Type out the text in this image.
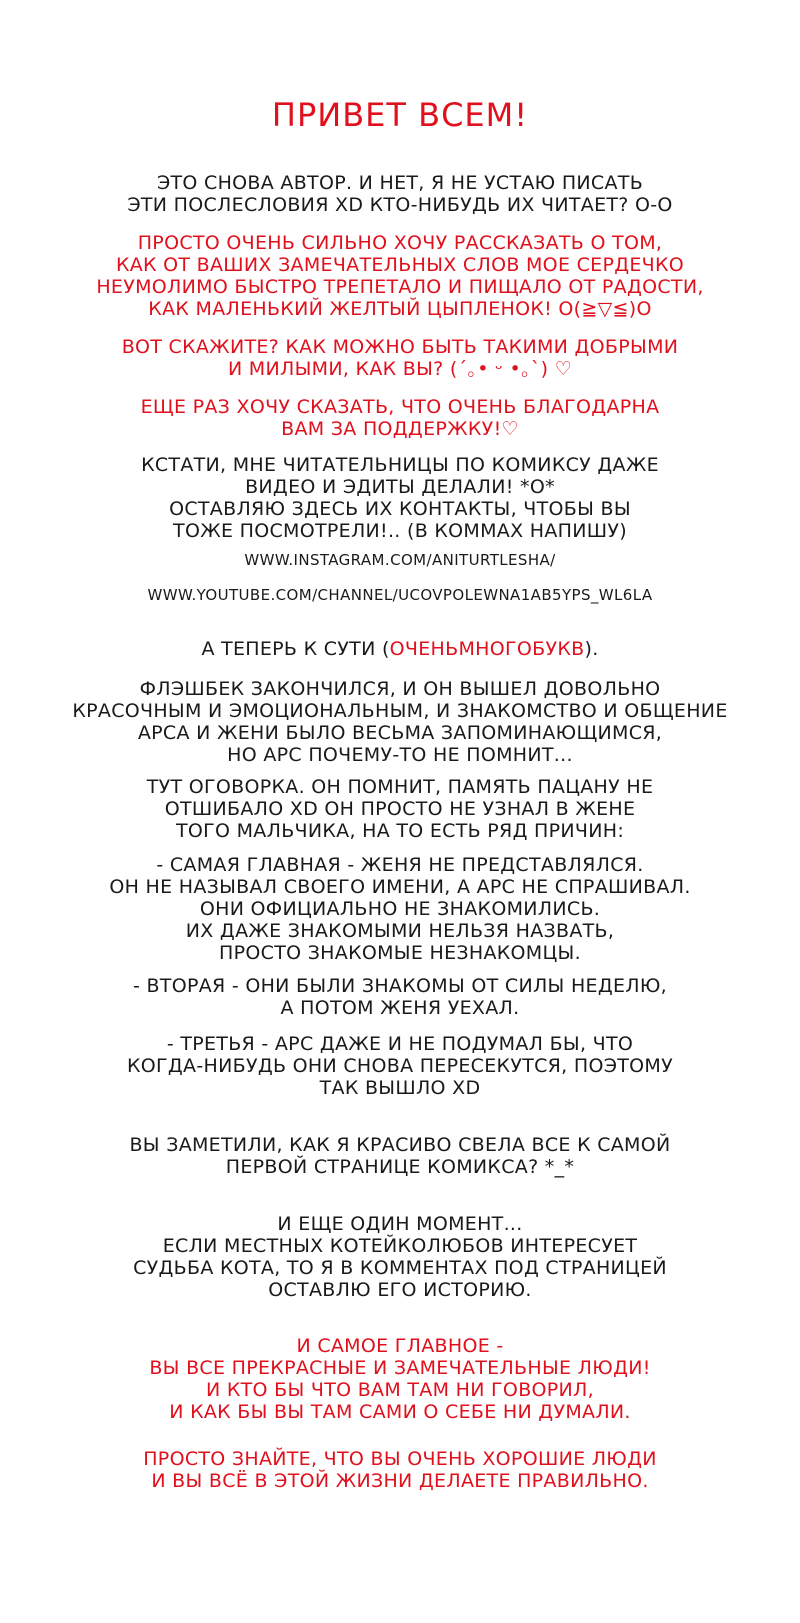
ПРИВЕТ ВСЕМ!
ЭТО СНОВА АВТОР. И НЕТ, Я НЕ УСТАЮ ПИСАТЬ
ЭТИ ПОСЛЕСЛОВИЯ XD КТО-НИБУДЬ ИХ ЧИТАЕТ? О-О
ПРОСТО ОЧЕНЬ СИЛЬНО ХОЧУ РАССКАЗАТЬ О ТОМ,
КАК ОТ ВАШИХ ЗАМЕЧАТЕЛЬНЫХ СЛОВ МОЕ СЕРДЕЧКО
НЕУМОЛИМО БЫСТРО ТРЕПЕТАЛО И ПИЩАЛО ОТ РАДОСТИ,
КАК МАЛЕНЬКИЙ ЖЕЛТЫЙ ЦЫПЛЕНОК! O(≧▽≦)O
ВОТ СКАЖИТЕ? КАК МОЖНО БЫТЬ ТАКИМИ ДОБРЫМИ
И МИЛЫМИ, КАК ВЫ? (´｡• ᵕ •｡`) ♡
ЕЩЕ РАЗ ХОЧУ СКАЗАТЬ, ЧТО ОЧЕНЬ БЛАГОДАРНА
ВАМ ЗА ПОДДЕРЖКУ!♡
КСТАТИ, МНЕ ЧИТАТЕЛЬНИЦЫ ПО КОМИКСУ ДАЖЕ
ВИДЕО И ЭДИТЫ ДЕЛАЛИ! *О*
ОСТАВЛЯЮ ЗДЕСЬ ИХ КОНТАКТЫ, ЧТОБЫ ВЫ
ТОЖЕ ПОСМОТРЕЛИ!.. (В КОММАХ НАПИШУ)
WWW.INSTAGRAM.COM/ANITURTLESHA/
WWW.YOUTUBE.COM/CHANNEL/UCOVPOLEWNA1AB5YPS_WL6LA
А ТЕПЕРЬ К СУТИ (ОЧЕНЬМНОГОБУКВ).
ФЛЭШБЕК ЗАКОНЧИЛСЯ, И ОН ВЫШЕЛ ДОВОЛЬНО
КРАСОЧНЫМ И ЭМОЦИОНАЛЬНЫМ, И ЗНАКОМСТВО И ОБЩЕНИЕ
АРСА И ЖЕНИ БЫЛО ВЕСЬМА ЗАПОМИНАЮЩИМСЯ,
НО АРС ПОЧЕМУ-ТО НЕ ПОМНИТ...
ТУТ ОГОВОРКА. ОН ПОМНИТ, ПАМЯТЬ ПАЦАНУ НЕ
ОТШИБАЛО XD ОН ПРОСТО НЕ УЗНАЛ В ЖЕНЕ
ТОГО МАЛЬЧИКА, НА ТО ЕСТЬ РЯД ПРИЧИН:
- САМАЯ ГЛАВНАЯ - ЖЕНЯ НЕ ПРЕДСТАВЛЯЛСЯ.
ОН НЕ НАЗЫВАЛ СВОЕГО ИМЕНИ, А АРС НЕ СПРАШИВАЛ.
ОНИ ОФИЦИАЛЬНО НЕ ЗНАКОМИЛИСЬ.
ИХ ДАЖЕ ЗНАКОМЫМИ НЕЛЬЗЯ НАЗВАТЬ,
ПРОСТО ЗНАКОМЫЕ НЕЗНАКОМЦЫ.
- ВТОРАЯ - ОНИ БЫЛИ ЗНАКОМЫ ОТ СИЛЫ НЕДЕЛЮ,
А ПОТОМ ЖЕНЯ УЕХАЛ.
- ТРЕТЬЯ - АРС ДАЖЕ И НЕ ПОДУМАЛ БЫ, ЧТО
КОГДА-НИБУДЬ ОНИ СНОВА ПЕРЕСЕКУТСЯ, ПОЭТОМУ
ТАК ВЫШЛО XD
ВЫ ЗАМЕТИЛИ, КАК Я КРАСИВО СВЕЛА ВСЕ К САМОЙ
ПЕРВОЙ СТРАНИЦЕ КОМИКСА? *_*
И ЕЩЕ ОДИН МОМЕНТ...
ЕСЛИ МЕСТНЫХ КОТЕЙКОЛЮБОВ ИНТЕРЕСУЕТ
СУДЬБА КОТА, ТО Я В КОММЕНТАХ ПОД СТРАНИЦЕЙ
ОСТАВЛЮ ЕГО ИСТОРИЮ.
И САМОЕ ГЛАВНОЕ -
ВЫ ВСЕ ПРЕКРАСНЫЕ И ЗАМЕЧАТЕЛЬНЫЕ ЛЮДИ!
И КТО БЫ ЧТО ВАМ ТАМ НИ ГОВОРИЛ,
И КАК БЫ ВЫ ТАМ САМИ О СЕБЕ НИ ДУМАЛИ.
ПРОСТО ЗНАЙТЕ, ЧТО ВЫ ОЧЕНЬ ХОРОШИЕ ЛЮДИ
И ВЫ ВСЁ В ЭТОЙ ЖИЗНИ ДЕЛАЕТЕ ПРАВИЛЬНО.
